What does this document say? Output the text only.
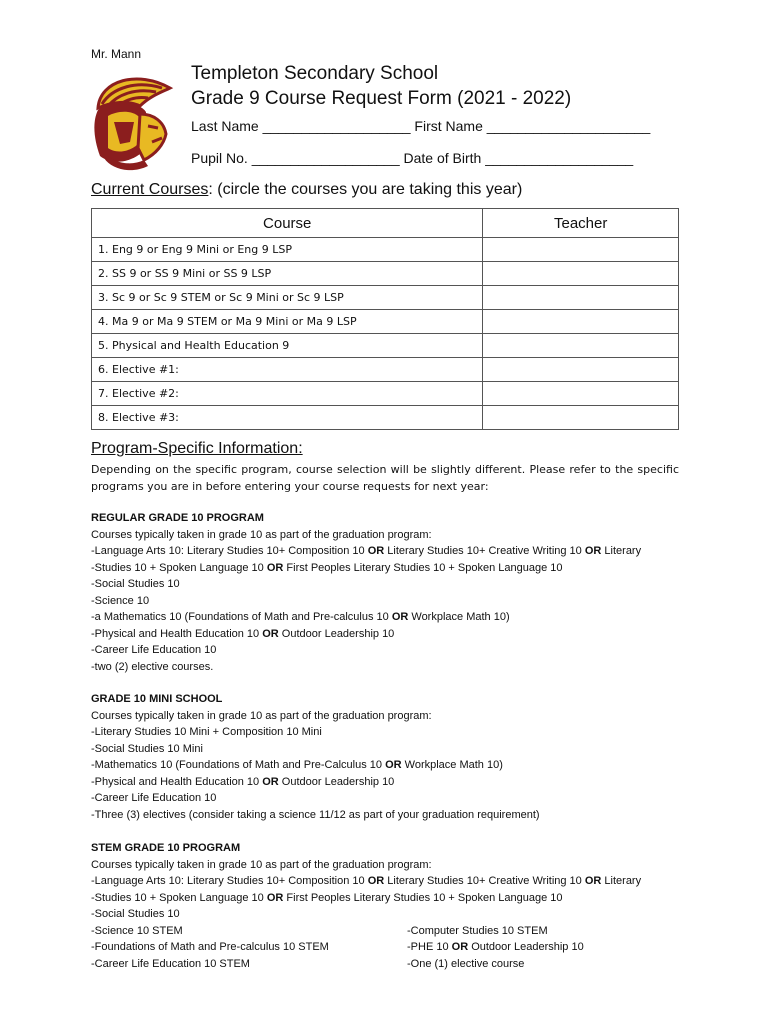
Mr. Mann
Templeton Secondary School
Grade 9 Course Request Form (2021 - 2022)
Last Name ___________________ First Name _____________________
Pupil No. ___________________ Date of Birth ___________________
Current Courses: (circle the courses you are taking this year)
Course	Teacher
1. Eng 9 or Eng 9 Mini or Eng 9 LSP	
2. SS 9 or SS 9 Mini or SS 9 LSP	
3. Sc 9 or Sc 9 STEM or Sc 9 Mini or Sc 9 LSP	
4. Ma 9 or Ma 9 STEM or Ma 9 Mini or Ma 9 LSP	
5. Physical and Health Education 9	
6. Elective #1:	
7. Elective #2:	
8. Elective #3:	
Program-Specific Information:
Depending on the specific program, course selection will be slightly different. Please refer to the specific programs you are in before entering your course requests for next year:
REGULAR GRADE 10 PROGRAM
Courses typically taken in grade 10 as part of the graduation program:
-Language Arts 10: Literary Studies 10+ Composition 10 OR Literary Studies 10+ Creative Writing 10 OR Literary
-Studies 10 + Spoken Language 10 OR First Peoples Literary Studies 10 + Spoken Language 10
-Social Studies 10
-Science 10
-a Mathematics 10 (Foundations of Math and Pre-calculus 10 OR Workplace Math 10)
-Physical and Health Education 10 OR Outdoor Leadership 10
-Career Life Education 10
-two (2) elective courses.
GRADE 10 MINI SCHOOL
Courses typically taken in grade 10 as part of the graduation program:
-Literary Studies 10 Mini + Composition 10 Mini
-Social Studies 10 Mini
-Mathematics 10 (Foundations of Math and Pre-Calculus 10 OR Workplace Math 10)
-Physical and Health Education 10 OR Outdoor Leadership 10
-Career Life Education 10
-Three (3) electives (consider taking a science 11/12 as part of your graduation requirement)
STEM GRADE 10 PROGRAM
Courses typically taken in grade 10 as part of the graduation program:
-Language Arts 10: Literary Studies 10+ Composition 10 OR Literary Studies 10+ Creative Writing 10 OR Literary
-Studies 10 + Spoken Language 10 OR First Peoples Literary Studies 10 + Spoken Language 10
-Social Studies 10
-Science 10 STEM
-Foundations of Math and Pre-calculus 10 STEM
-Career Life Education 10 STEM
-Computer Studies 10 STEM
-PHE 10 OR Outdoor Leadership 10
-One (1) elective course
